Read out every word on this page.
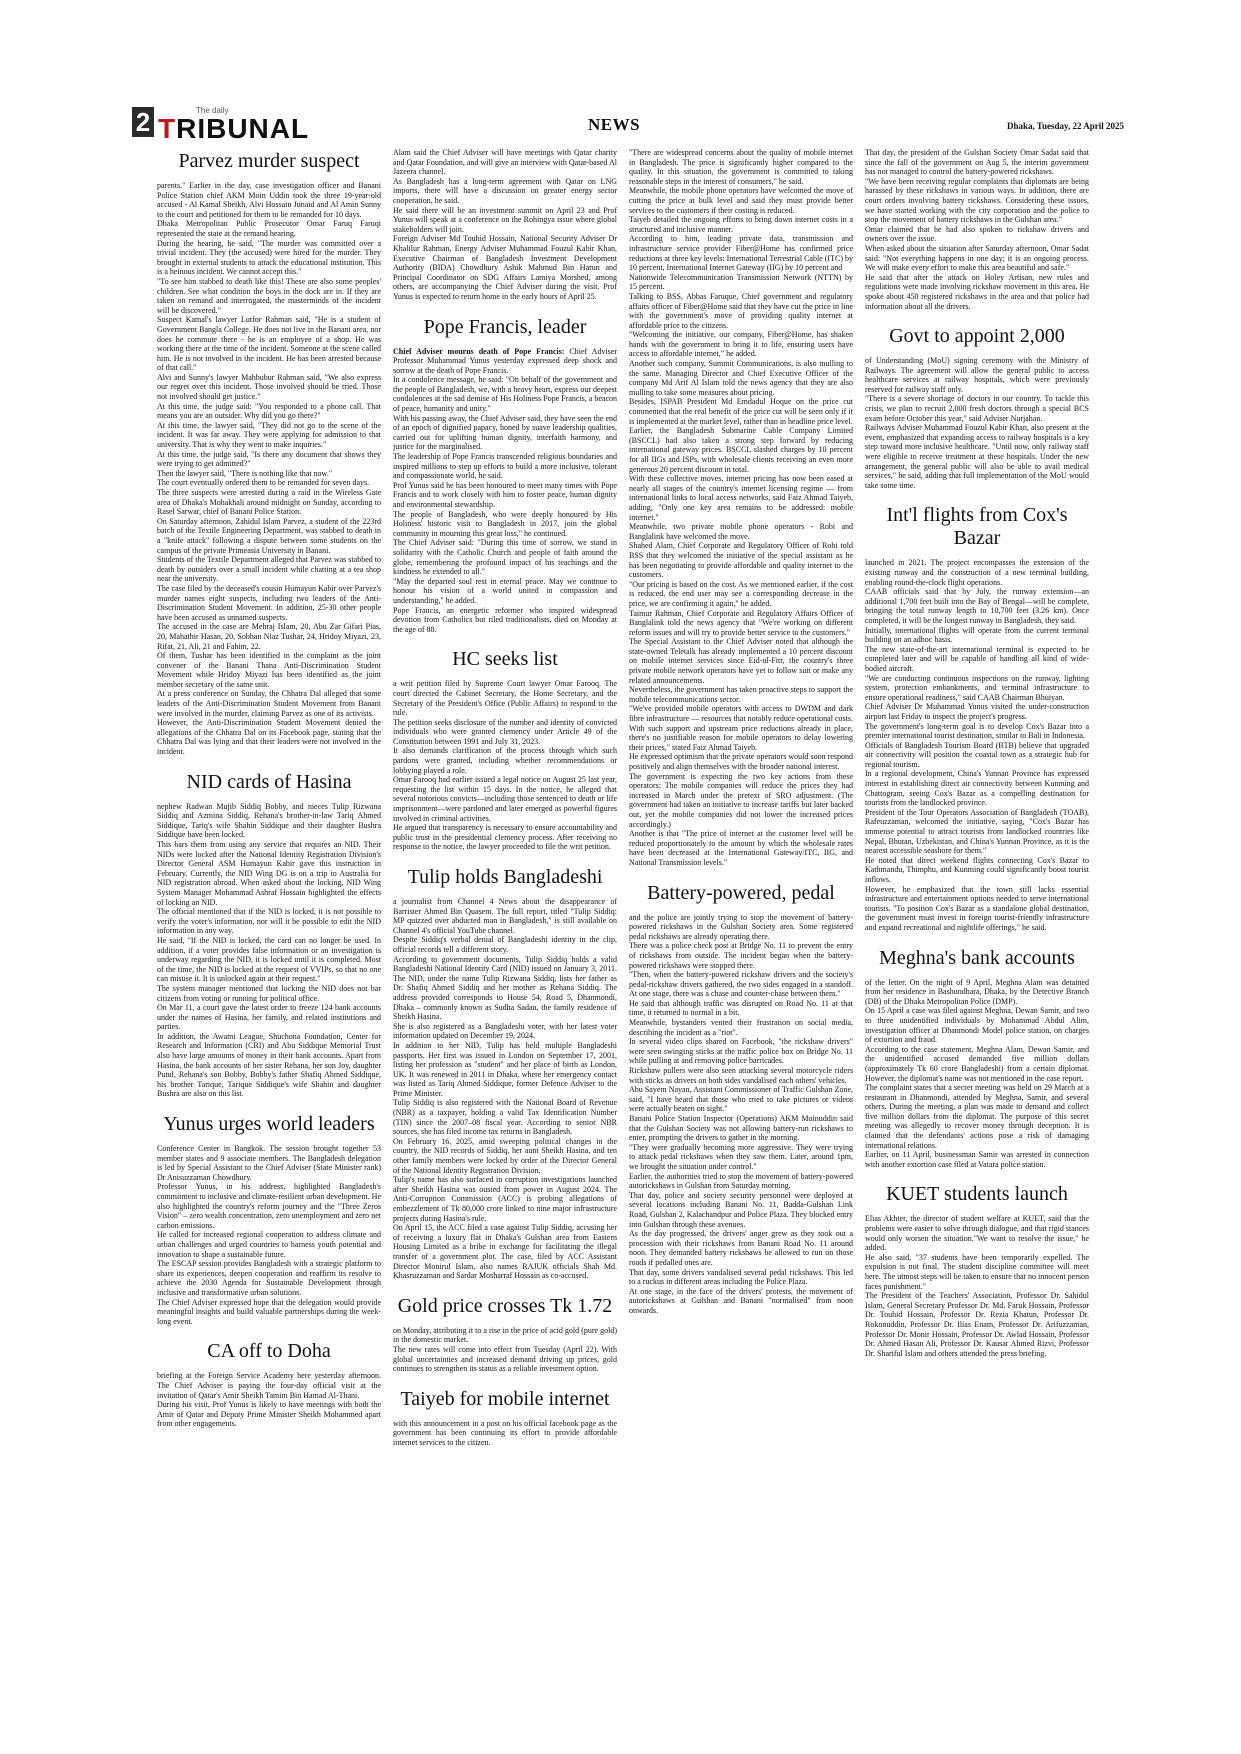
2	The daily
TRIBUNAL	NEWS	Dhaka, Tuesday, 22 April 2025
Parvez murder suspect

parents." Earlier in the day, case investigation officer and Banani Police Station chief AKM Moin Uddin took the three 19-year-old accused - Al Kamal Sheikh, Alvi Hossain Junaid and Al Amin Sunny to the court and petitioned for them to be remanded for 10 days.

Dhaka Metropolitan Public Prosecutor Omar Faruq Faruqi represented the state at the remand hearing.

During the hearing, he said, "The murder was committed over a trivial incident. They (the accused) were hired for the murder. They brought in external students to attack the educational institution. This is a heinous incident. We cannot accept this."

"To see him stabbed to death like this! These are also some peoples' children. See what condition the boys in the dock are in. If they are taken on remand and interrogated, the masterminds of the incident will be discovered."

Suspect Kamal's lawyer Lutfor Rahman said, "He is a student of Government Bangla College. He does not live in the Banani area, nor does he commute there - he is an employee of a shop. He was working there at the time of the incident. Someone at the scene called him. He is not involved in the incident. He has been arrested because of that call."

Alvi and Sunny's lawyer Mahbubur Rahman said, "We also express our regret over this incident. Those involved should be tried. Those not involved should get justice."

At this time, the judge said: "You responded to a phone call. That means you are an outsider. Why did you go there?"

At this time, the lawyer said, "They did not go to the scene of the incident. It was far away. They were applying for admission to that university. That is why they went to make inquiries."

At this time, the judge said, "Is there any document that shows they were trying to get admitted?"

Then the lawyer said, "There is nothing like that now."

The court eventually ordered them to be remanded for seven days.

The three suspects were arrested during a raid in the Wireless Gate area of Dhaka's Mohakhali around midnight on Sunday, according to Rasel Sarwar, chief of Banani Police Station.

On Saturday afternoon, Zahidul Islam Parvez, a student of the 223rd batch of the Textile Engineering Department, was stabbed to death in a "knife attack" following a dispute between some students on the campus of the private Primeasia University in Banani.

Students of the Textile Department alleged that Parvez was stabbed to death by outsiders over a small incident while chatting at a tea shop near the university.

The case filed by the deceased's cousin Humayun Kabir over Parvez's murder names eight suspects, including two leaders of the Anti-Discrimination Student Movement. In addition, 25-30 other people have been accused as unnamed suspects.

The accused in the case are Mehraj Islam, 20, Abu Zar Gifari Pias, 20, Mahathir Hasan, 20, Sobhan Niaz Tushar, 24, Hridoy Miyazi, 23, Rifat, 21, Ali, 21 and Fahim, 22.

Of them, Tushar has been identified in the complaint as the joint convener of the Banani Thana Anti-Discrimination Student Movement while Hridoy Miyazi has been identified as the joint member secretary of the same unit.

At a press conference on Sunday, the Chhatra Dal alleged that some leaders of the Anti-Discrimination Student Movement from Banani were involved in the murder, claiming Parvez as one of its activists.

However, the Anti-Discrimination Student Movement denied the allegations of the Chhatra Dal on its Facebook page, stating that the Chhatra Dal was lying and that their leaders were not involved in the incident.

NID cards of Hasina

nephew Radwan Mujib Siddiq Bobby, and nieces Tulip Rizwana Siddiq and Azmina Siddiq, Rehana's brother-in-law Tariq Ahmed Siddique, Tariq's wife Shahin Siddique and their daughter Bushra Siddique have been locked.

This bars them from using any service that requires an NID. Their NIDs were locked after the National Identity Registration Division's Director General ASM Humayun Kabir gave this instruction in February. Currently, the NID Wing DG is on a trip to Australia for NID registration abroad. When asked about the locking, NID Wing System Manager Mohammad Ashraf Hossain highlighted the effects of locking an NID.

The official mentioned that if the NID is locked, it is not possible to verify the voter's information, nor will it be possible to edit the NID information in any way.

He said, "If the NID is locked, the card can no longer be used. In addition, if a voter provides false information or an investigation is underway regarding the NID, it is locked until it is completed. Most of the time, the NID is locked at the request of VVIPs, so that no one can misuse it. It is unlocked again at their request."

The system manager mentioned that locking the NID does not bar citizens from voting or running for political office.

On Mar 11, a court gave the latest order to freeze 124 bank accounts under the names of Hasina, her family, and related institutions and parties.

In addition, the Awami League, Shuchona Foundation, Center for Research and Information (CRI) and Abu Siddique Memorial Trust also have large amounts of money in their bank accounts. Apart from Hasina, the bank accounts of her sister Rehana, her son Joy, daughter Putul, Rehana's son Bobby, Bobby's father Shafiq Ahmed Siddique, his brother Tarique, Tarique Siddique's wife Shahin and daughter Bushra are also on this list.

Yunus urges world leaders

Conference Center in Bangkok. The session brought together 53 member states and 9 associate members. The Bangladesh delegation is led by Special Assistant to the Chief Adviser (State Minister rank) Dr Anisuzzaman Chowdhury.

Professor Yunus, in his address, highlighted Bangladesh's commitment to inclusive and climate-resilient urban development. He also highlighted the country's reform journey and the "Three Zeros Vision" – zero wealth concentration, zero unemployment and zero net carbon emissions.

He called for increased regional cooperation to address climate and urban challenges and urged countries to harness youth potential and innovation to shape a sustainable future.

The ESCAP session provides Bangladesh with a strategic platform to share its experiences, deepen cooperation and reaffirm its resolve to achieve the 2030 Agenda for Sustainable Development through inclusive and transformative urban solutions.

The Chief Adviser expressed hope that the delegation would provide meaningful insights and build valuable partnerships during the week-long event.

CA off to Doha

briefing at the Foreign Service Academy here yesterday afternoon. The Chief Adviser is paying the four-day official visit at the invitation of Qatar's Amir Sheikh Tamim Bin Hamad Al-Thani.

During his visit, Prof Yunus is likely to have meetings with both the Amir of Qatar and Deputy Prime Minister Sheikh Mohammed apart from other engagements.

Alam said the Chief Adviser will have meetings with Qatar charity and Qatar Foundation, and will give an interview with Qatar-based Al Jazeera channel.

As Bangladesh has a long-term agreement with Qatar on LNG imports, there will have a discussion on greater energy sector cooperation, he said.

He said there will be an investment summit on April 23 and Prof Yunus will speak at a conference on the Rohingya issue where global stakeholders will join.

Foreign Adviser Md Touhid Hossain, National Security Adviser Dr Khalilur Rahman, Energy Adviser Muhammad Fouzul Kabir Khan, Executive Chairman of Bangladesh Investment Development Authority (BIDA) Chowdhury Ashik Mahmud Bin Harun and Principal Coordinator on SDG Affairs Lamiya Morshed, among others, are accompanying the Chief Adviser during the visit. Prof Yunus is expected to return home in the early hours of April 25.

Pope Francis, leader

Chief Adviser mourns death of Pope Francis: Chief Adviser Professor Muhammad Yunus yesterday expressed deep shock and sorrow at the death of Pope Francis.

In a condolence message, he said: "On behalf of the government and the people of Bangladesh, we, with a heavy heart, express our deepest condolences at the sad demise of His Holiness Pope Francis, a beacon of peace, humanity and unity."

With his passing away, the Chief Adviser said, they have seen the end of an epoch of dignified papacy, honed by suave leadership qualities, carried out for uplifting human dignity, interfaith harmony, and justice for the marginalised.

The leadership of Pope Francis transcended religious boundaries and inspired millions to step up efforts to build a more inclusive, tolerant and compassionate world, he said.

Prof Yunus said he has been honoured to meet many times with Pope Francis and to work closely with him to foster peace, human dignity and environmental stewardship.

The people of Bangladesh, who were deeply honoured by His Holiness' historic visit to Bangladesh in 2017, join the global community in mourning this great loss," he continued.

The Chief Adviser said: "During this time of sorrow, we stand in solidarity with the Catholic Church and people of faith around the globe, remembering the profound impact of his teachings and the kindness he extended to all."

"May the departed soul rest in eternal peace. May we continue to honour his vision of a world united in compassion and understanding," he added.

Pope Francis, an energetic reformer who inspired widespread devotion from Catholics but riled traditionalists, died on Monday at the age of 88.

HC seeks list

a writ petition filed by Supreme Court lawyer Omar Farooq. The court directed the Cabinet Secretary, the Home Secretary, and the Secretary of the President's Office (Public Affairs) to respond to the rule.

The petition seeks disclosure of the number and identity of convicted individuals who were granted clemency under Article 49 of the Constitution between 1991 and July 31, 2023.

It also demands clarification of the process through which such pardons were granted, including whether recommendations or lobbying played a role.

Omar Farooq had earlier issued a legal notice on August 25 last year, requesting the list within 15 days. In the notice, he alleged that several notorious convicts—including those sentenced to death or life imprisonment—were pardoned and later emerged as powerful figures involved in criminal activities.

He argued that transparency is necessary to ensure accountability and public trust in the presidential clemency process. After receiving no response to the notice, the lawyer proceeded to file the writ petition.

Tulip holds Bangladeshi

a journalist from Channel 4 News about the disappearance of Barrister Ahmed Bin Quasem. The full report, titled "Tulip Siddiq: MP quizzed over abducted man in Bangladesh," is still available on Channel 4's official YouTube channel.

Despite Siddiq's verbal denial of Bangladeshi identity in the clip, official records tell a different story.

According to government documents, Tulip Siddiq holds a valid Bangladeshi National Identity Card (NID) issued on January 3, 2011. The NID, under the name Tulip Rizwana Siddiq, lists her father as Dr. Shafiq Ahmed Siddiq and her mother as Rehana Siddiq. The address provided corresponds to House 54, Road 5, Dhanmondi, Dhaka – commonly known as Sudha Sadan, the family residence of Sheikh Hasina.

She is also registered as a Bangladeshi voter, with her latest voter information updated on December 19, 2024.

In addition to her NID, Tulip has held multiple Bangladeshi passports. Her first was issued in London on September 17, 2001, listing her profession as "student" and her place of birth as London, UK. It was renewed in 2011 in Dhaka, where her emergency contact was listed as Tariq Ahmed Siddique, former Defence Adviser to the Prime Minister.

Tulip Siddiq is also registered with the National Board of Revenue (NBR) as a taxpayer, holding a valid Tax Identification Number (TIN) since the 2007–08 fiscal year. According to senior NBR sources, she has filed income tax returns in Bangladesh.

On February 16, 2025, amid sweeping political changes in the country, the NID records of Siddiq, her aunt Sheikh Hasina, and ten other family members were locked by order of the Director General of the National Identity Registration Division.

Tulip's name has also surfaced in corruption investigations launched after Sheikh Hasina was ousted from power in August 2024. The Anti-Corruption Commission (ACC) is probing allegations of embezzlement of Tk 80,000 crore linked to nine major infrastructure projects during Hasina's rule.

On April 15, the ACC filed a case against Tulip Siddiq, accusing her of receiving a luxury flat in Dhaka's Gulshan area from Eastern Housing Limited as a bribe in exchange for facilitating the illegal transfer of a government plot. The case, filed by ACC Assistant Director MoniruI Islam, also names RAJUK officials Shah Md. Khasruzzaman and Sardar Mosharraf Hossain as co-accused.

Gold price crosses Tk 1.72

on Monday, attributing it to a rise in the price of acid gold (pure gold) in the domestic market.

The new rates will come into effect from Tuesday (April 22). With global uncertainties and increased demand driving up prices, gold continues to strengthen its status as a reliable investment option.

Taiyeb for mobile internet

with this announcement in a post on his official facebook page as the government has been continuing its effort to provide affordable internet services to the citizen.

"There are widespread concerns about the quality of mobile internet in Bangladesh. The price is significantly higher compared to the quality. In this situation, the government is committed to taking reasonable steps in the interest of consumers," he said.

Meanwhile, the mobile phone operators have welcomed the move of cutting the price at bulk level and said they must provide better services to the customers if their costing is reduced.

Taiyeb detailed the ongoing efforts to bring down internet costs in a structured and inclusive manner.

According to him, leading private data, transmission and infrastructure service provider Fiber@Home has confirmed price reductions at three key levels: International Terrestrial Cable (ITC) by 10 percent, International Internet Gateway (IIG) by 10 percent and

Nationwide Telecommunication Transmission Network (NTTN) by 15 percent.

Talking to BSS, Abbas Faruque, Chief government and regulatory affairs officer of Fiber@Home said that they have cut the price in line with the government's move of providing quality internet at affordable price to the citizens.

"Welcoming the initiative, our company, Fiber@Home, has shaken hands with the government to bring it to life, ensuring users have access to affordable internet," he added.

Another such company, Summit Communications, is also mulling to the same. Managing Director and Chief Executive Officer of the company Md Arif Al Islam told the news agency that they are also mulling to take some measures about pricing.

Besides, ISPAB President Md Emdadul Hoque on the price cut commented that the real benefit of the price cut will be seen only if it is implemented at the market level, rather than in headline price level.

Earlier, the Bangladesh Submarine Cable Company Limited (BSCCL) had also taken a strong step forward by reducing international gateway prices. BSCCL slashed charges by 10 percent for all IIGs and ISPs, with wholesale clients receiving an even more generous 20 percent discount in total.

With these collective moves, internet pricing has now been eased at nearly all stages of the country's internet licensing regime — from international links to local access networks, said Faiz Ahmad Taiyeb, adding, "Only one key area remains to be addressed: mobile internet."

Meanwhile, two private mobile phone operators - Robi and Banglalink have welcomed the move.

Shahed Alam, Chief Corporate and Regulatory Officer of Robi told BSS that they welcomed the initiative of the special assistant as he has been negotiating to provide affordable and quality internet to the customers.

"Our pricing is based on the cost. As we mentioned earlier, if the cost is reduced, the end user may see a corresponding decrease in the price, we are confirming it again," he added.

Taimur Rahman, Chief Corporate and Regulatory Affairs Officer of Banglalink told the news agency that "We're working on different reform issues and will try to provide better service to the customers."

The Special Assistant to the Chief Adviser noted that although the state-owned Teletalk has already implemented a 10 percent discount on mobile internet services since Eid-ul-Fitr, the country's three private mobile network operators have yet to follow suit or make any related announcements.

Nevertheless, the government has taken proactive steps to support the mobile telecommunications sector.

"We've provided mobile operators with access to DWDM and dark fibre infrastructure — resources that notably reduce operational costs. With such support and upstream price reductions already in place, there's no justifiable reason for mobile operators to delay lowering their prices," stated Faiz Ahmad Taiyeb.

He expressed optimism that the private operators would soon respond positively and align themselves with the broader national interest.

The government is expecting the two key actions from these operators: The mobile companies will reduce the prices they had increased in March under the pretext of SRO adjustment. (The government had taken an initiative to increase tariffs but later backed out, yet the mobile companies did not lower the increased prices accordingly.)

Another is that "The price of internet at the customer level will be reduced proportionately to the amount by which the wholesale rates have been decreased at the International Gateway/ITC, IIG, and National Transmission levels."

Battery-powered, pedal

and the police are jointly trying to stop the movement of battery-powered rickshaws in the Gulshan Society area. Some registered pedal rickshaws are already operating there.

There was a police check post at Bridge No. 11 to prevent the entry of rickshaws from outside. The incident began when the battery-powered rickshaws were stopped there.

"Then, when the battery-powered rickshaw drivers and the society's pedal-rickshaw drivers gathered, the two sides engaged in a standoff. At one stage, there was a chase and counter-chase between them."

He said that although traffic was disrupted on Road No. 11 at that time, it returned to normal in a bit.

Meanwhile, bystanders vented their frustration on social media, describing the incident as a "riot".

In several video clips shared on Facebook, "the rickshaw drivers" were seen swinging sticks at the traffic police box on Bridge No. 11 while pulling at and removing police barricades.

Rickshaw pullers were also seen attacking several motorcycle riders with sticks as drivers on both sides vandalised each others' vehicles.

Abu Sayem Nayan, Assistant Commissioner of Traffic Gulshan Zone, said, "I have heard that those who tried to take pictures or videos were actually beaten on sight."

Banani Police Station Inspector (Operations) AKM Moinuddin said that the Gulshan Society was not allowing battery-run rickshaws to enter, prompting the drivers to gather in the morning.

"They were gradually becoming more aggressive. They were trying to attack pedal rickshaws when they saw them. Later, around 1pm, we brought the situation under control."

Earlier, the authorities tried to stop the movement of battery-powered autorickshaws in Gulshan from Saturday morning.

That day, police and society security personnel were deployed at several locations including Banani No. 11, Badda-Gulshan Link Road, Gulshan 2, Kalachandpur and Police Plaza. They blocked entry into Gulshan through these avenues.

As the day progressed, the drivers' anger grew as they took out a procession with their rickshaws from Banani Road No. 11 around noon. They demanded battery rickshaws be allowed to run on those roads if pedalled ones are.

That day, some drivers vandalised several pedal rickshaws. This led to a ruckus in different areas including the Police Plaza.

At one stage, in the face of the drivers' protests, the movement of autorickshaws at Gulshan and Banani "normalised" from noon onwards.

That day, the president of the Gulshan Society Omar Sadat said that since the fall of the government on Aug 5, the interim government has not managed to control the battery-powered rickshaws.

"We have been receiving regular complaints that diplomats are being harassed by these rickshaws in various ways. In addition, there are court orders involving battery rickshaws. Considering these issues, we have started working with the city corporation and the police to stop the movement of battery rickshaws in the Gulshan area."

Omar claimed that he had also spoken to rickshaw drivers and owners over the issue.

When asked about the situation after Saturday afternoon, Omar Sadat said: "Not everything happens in one day; it is an ongoing process. We will make every effort to make this area beautiful and safe."

He said that after the attack on Holey Artisan, new rules and regulations were made involving rickshaw movement in this area. He spoke about 450 registered rickshaws in the area and that police had information about all the drivers.

Govt to appoint 2,000

of Understanding (MoU) signing ceremony with the Ministry of Railways. The agreement will allow the general public to access healthcare services at railway hospitals, which were previously reserved for railway staff only.

"There is a severe shortage of doctors in our country. To tackle this crisis, we plan to recruit 2,000 fresh doctors through a special BCS exam before October this year," said Adviser Nurjahan.

Railways Adviser Muhammad Fouzul Kabir Khan, also present at the event, emphasized that expanding access to railway hospitals is a key step toward more inclusive healthcare. "Until now, only railway staff were eligible to receive treatment at these hospitals. Under the new arrangement, the general public will also be able to avail medical services," he said, adding that full implementation of the MoU would take some time.

Int'l flights from Cox's Bazar

launched in 2021. The project encompasses the extension of the existing runway and the construction of a new terminal building, enabling round-the-clock flight operations.

CAAB officials said that by July, the runway extension—an additional 1,700 feet built into the Bay of Bengal—will be complete, bringing the total runway length to 10,700 feet (3.26 km). Once completed, it will be the longest runway in Bangladesh, they said.

Initially, international flights will operate from the current terminal building on an adhoc basis.

The new state-of-the-art international terminal is expected to be completed later and will be capable of handling all kind of wide-bodied aircraft.

"We are conducting continuous inspections on the runway, lighting system, protection embankments, and terminal infrastructure to ensure operational readiness," said CAAB Chairman Bhuiyan.

Chief Adviser Dr Muhammad Yunus visited the under-construction airport last Friday to inspect the project's progress.

The government's long-term goal is to develop Cox's Bazar into a premier international tourist destination, similar to Bali in Indonesia.

Officials of Bangladesh Tourism Board (BTB) believe that upgraded air connectivity will position the coastal town as a strategic hub for regional tourism.

In a regional development, China's Yunnan Province has expressed interest in establishing direct air connectivity between Kunming and Chattogram, seeing Cox's Bazar as a compelling destination for tourists from the landlocked province.

President of the Tour Operators Association of Bangladesh (TOAB), Rafeuzzaman, welcomed the initiative, saying, "Cox's Bazar has immense potential to attract tourists from landlocked countries like Nepal, Bhutan, Uzbekistan, and China's Yunnan Province, as it is the nearest accessible seashore for them."

He noted that direct weekend flights connecting Cox's Bazar to Kathmandu, Thimphu, and Kunming could significantly boost tourist inflows.

However, he emphasized that the town still lacks essential infrastructure and entertainment options needed to serve international tourists. "To position Cox's Bazar as a standalone global destination, the government must invest in foreign tourist-friendly infrastructure and expand recreational and nightlife offerings," he said.

Meghna's bank accounts

of the letter. On the night of 9 April, Meghna Alam was detained from her residence in Bashundhara, Dhaka, by the Detective Branch (DB) of the Dhaka Metropolitan Police (DMP).

On 15 April a case was filed against Meghna, Dewan Samir, and two to three unidentified individuals by Mohammad Abdul Alim, investigation officer at Dhanmondi Model police station, on charges of extortion and fraud.

According to the case statement, Meghna Alam, Dewan Samir, and the unidentified accused demanded five million dollars (approximately Tk 60 crore Bangladeshi) from a certain diplomat. However, the diplomat's name was not mentioned in the case report.

The complaint states that a secret meeting was held on 29 March at a restaurant in Dhanmondi, attended by Meghna, Samir, and several others. During the meeting, a plan was made to demand and collect five million dollars from the diplomat. The purpose of this secret meeting was allegedly to recover money through deception. It is claimed that the defendants' actions pose a risk of damaging international relations.

Earlier, on 11 April, businessman Samir was arrested in connection with another extortion case filed at Vatara police station.

KUET students launch

Elias Akhter, the director of student welfare at KUET, said that the problems were easier to solve through dialogue, and that rigid stances would only worsen the situation."We want to resolve the issue," he added.

He also said, "37 students have been temporarily expelled. The expulsion is not final. The student discipline committee will meet here. The utmost steps will be taken to ensure that no innocent person faces punishment."

The President of the Teachers' Association, Professor Dr. Sahidul Islam, General Secretary Professor Dr. Md. Faruk Hossain, Professor Dr. Touhid Hossain, Professor Dr. Rezia Khatun, Professor Dr. Rokonuddin, Professor Dr. Ilias Enam, Professor Dr. Arifuzzaman, Professor Dr. Monir Hossain, Professor Dr. Awlad Hossain, Professor Dr. Ahmed Hasan Ali, Professor Dr. Kausar Ahmed Rizvi, Professor Dr. Shariful Islam and others attended the press briefing.
